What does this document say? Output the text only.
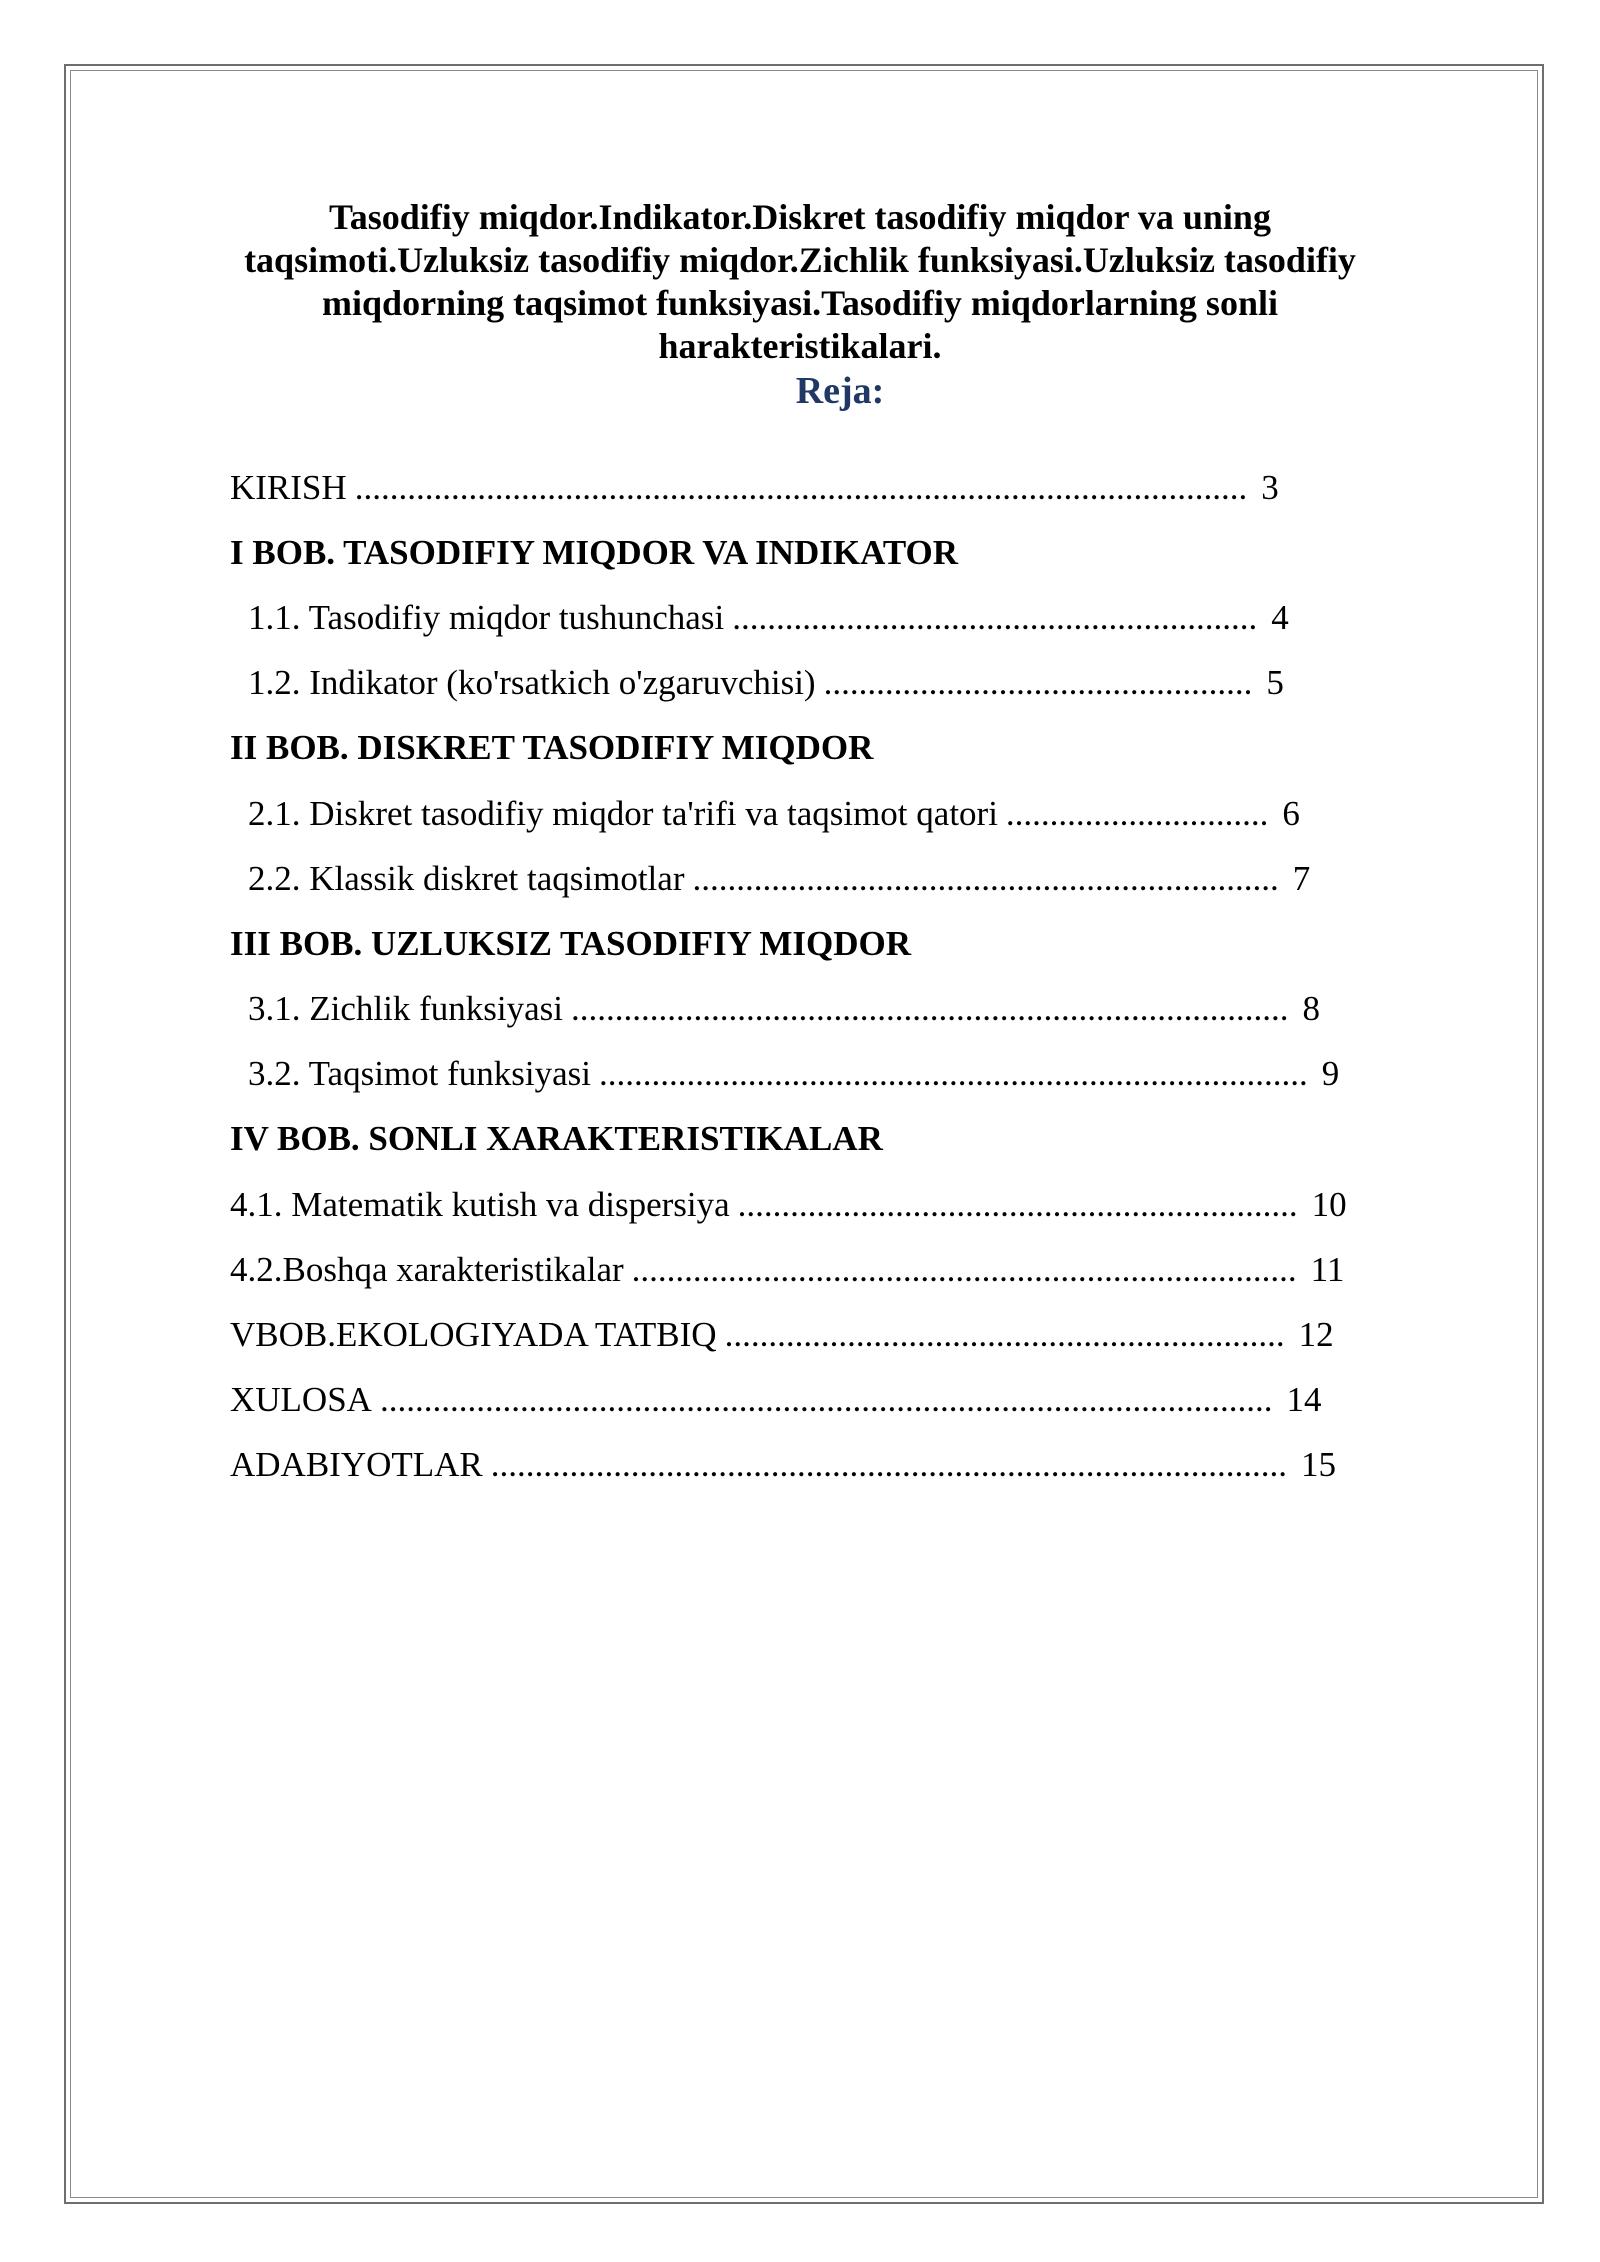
Tasodifiy miqdor.Indikator.Diskret tasodifiy miqdor va uning taqsimoti.Uzluksiz tasodifiy miqdor.Zichlik funksiyasi.Uzluksiz tasodifiy miqdorning taqsimot funksiyasi.Tasodifiy miqdorlarning sonli harakteristikalari.
Reja:
KIRISH ...................................................................................................... 3
I BOB. TASODIFIY MIQDOR VA INDIKATOR
1.1. Tasodifiy miqdor tushunchasi ............................................................ 4
1.2. Indikator (ko'rsatkich o'zgaruvchisi) ................................................. 5
II BOB. DISKRET TASODIFIY MIQDOR
2.1. Diskret tasodifiy miqdor ta'rifi va taqsimot qatori .............................. 6
2.2. Klassik diskret taqsimotlar ................................................................... 7
III BOB. UZLUKSIZ TASODIFIY MIQDOR
3.1. Zichlik funksiyasi .................................................................................. 8
3.2. Taqsimot funksiyasi ................................................................................. 9
IV BOB. SONLI XARAKTERISTIKALAR
4.1. Matematik kutish va dispersiya ................................................................ 10
4.2.Boshqa xarakteristikalar ............................................................................ 11
VBOB.EKOLOGIYADA TATBIQ ................................................................ 12
XULOSA ...................................................................................................... 14
ADABIYOTLAR ........................................................................................... 15
